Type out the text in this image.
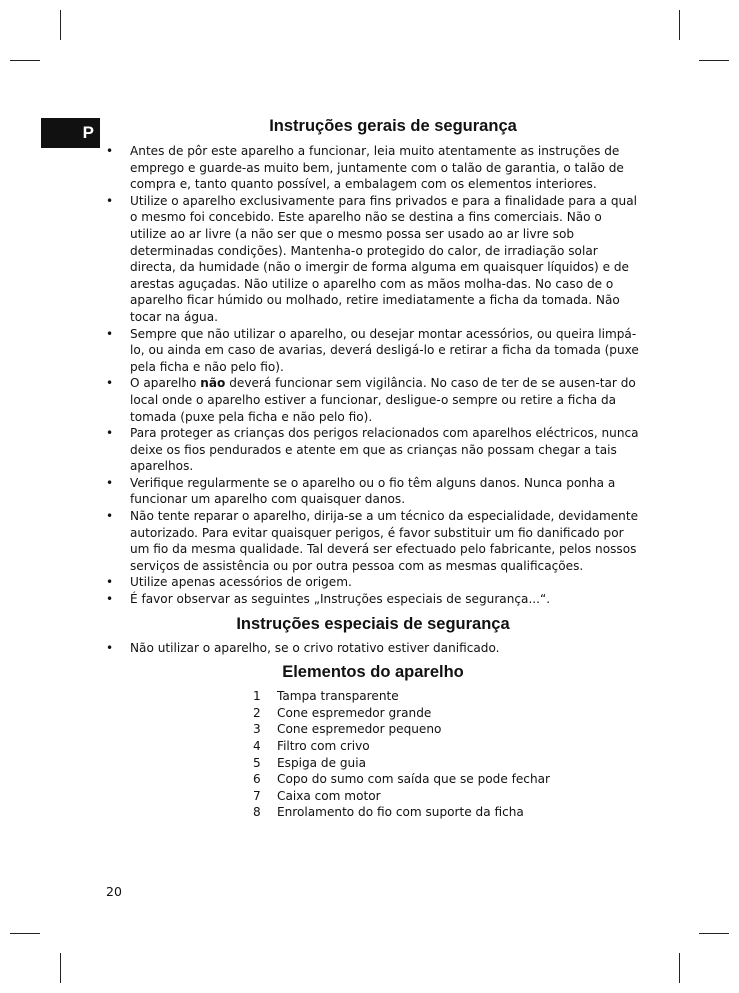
P	Instruções gerais de segurança
• Antes de pôr este aparelho a funcionar, leia muito atentamente as instruções de emprego e guarde-as muito bem, juntamente com o talão de garantia, o talão de compra e, tanto quanto possível, a embalagem com os elementos interiores.
• Utilize o aparelho exclusivamente para fins privados e para a finalidade para a qual o mesmo foi concebido. Este aparelho não se destina a fins comerciais. Não o utilize ao ar livre (a não ser que o mesmo possa ser usado ao ar livre sob determinadas condições). Mantenha-o protegido do calor, de irradiação solar directa, da humidade (não o imergir de forma alguma em quaisquer líquidos) e de arestas aguçadas. Não utilize o aparelho com as mãos molha-das. No caso de o aparelho ficar húmido ou molhado, retire imediatamente a ficha da tomada. Não tocar na água.
• Sempre que não utilizar o aparelho, ou desejar montar acessórios, ou queira limpá-lo, ou ainda em caso de avarias, deverá desligá-lo e retirar a ficha da tomada (puxe pela ficha e não pelo fio).
• O aparelho não deverá funcionar sem vigilância. No caso de ter de se ausen-tar do local onde o aparelho estiver a funcionar, desligue-o sempre ou retire a ficha da tomada (puxe pela ficha e não pelo fio).
• Para proteger as crianças dos perigos relacionados com aparelhos eléctricos, nunca deixe os fios pendurados e atente em que as crianças não possam chegar a tais aparelhos.
• Verifique regularmente se o aparelho ou o fio têm alguns danos. Nunca ponha a funcionar um aparelho com quaisquer danos.
• Não tente reparar o aparelho, dirija-se a um técnico da especialidade, devidamente autorizado. Para evitar quaisquer perigos, é favor substituir um fio danificado por um fio da mesma qualidade. Tal deverá ser efectuado pelo fabricante, pelos nossos serviços de assistência ou por outra pessoa com as mesmas qualificações.
• Utilize apenas acessórios de origem.
• É favor observar as seguintes „Instruções especiais de segurança...“.
Instruções especiais de segurança
• Não utilizar o aparelho, se o crivo rotativo estiver danificado.
Elementos do aparelho
1	Tampa transparente
2	Cone espremedor grande
3	Cone espremedor pequeno
4	Filtro com crivo
5	Espiga de guia
6	Copo do sumo com saída que se pode fechar
7	Caixa com motor
8	Enrolamento do fio com suporte da ficha
20
